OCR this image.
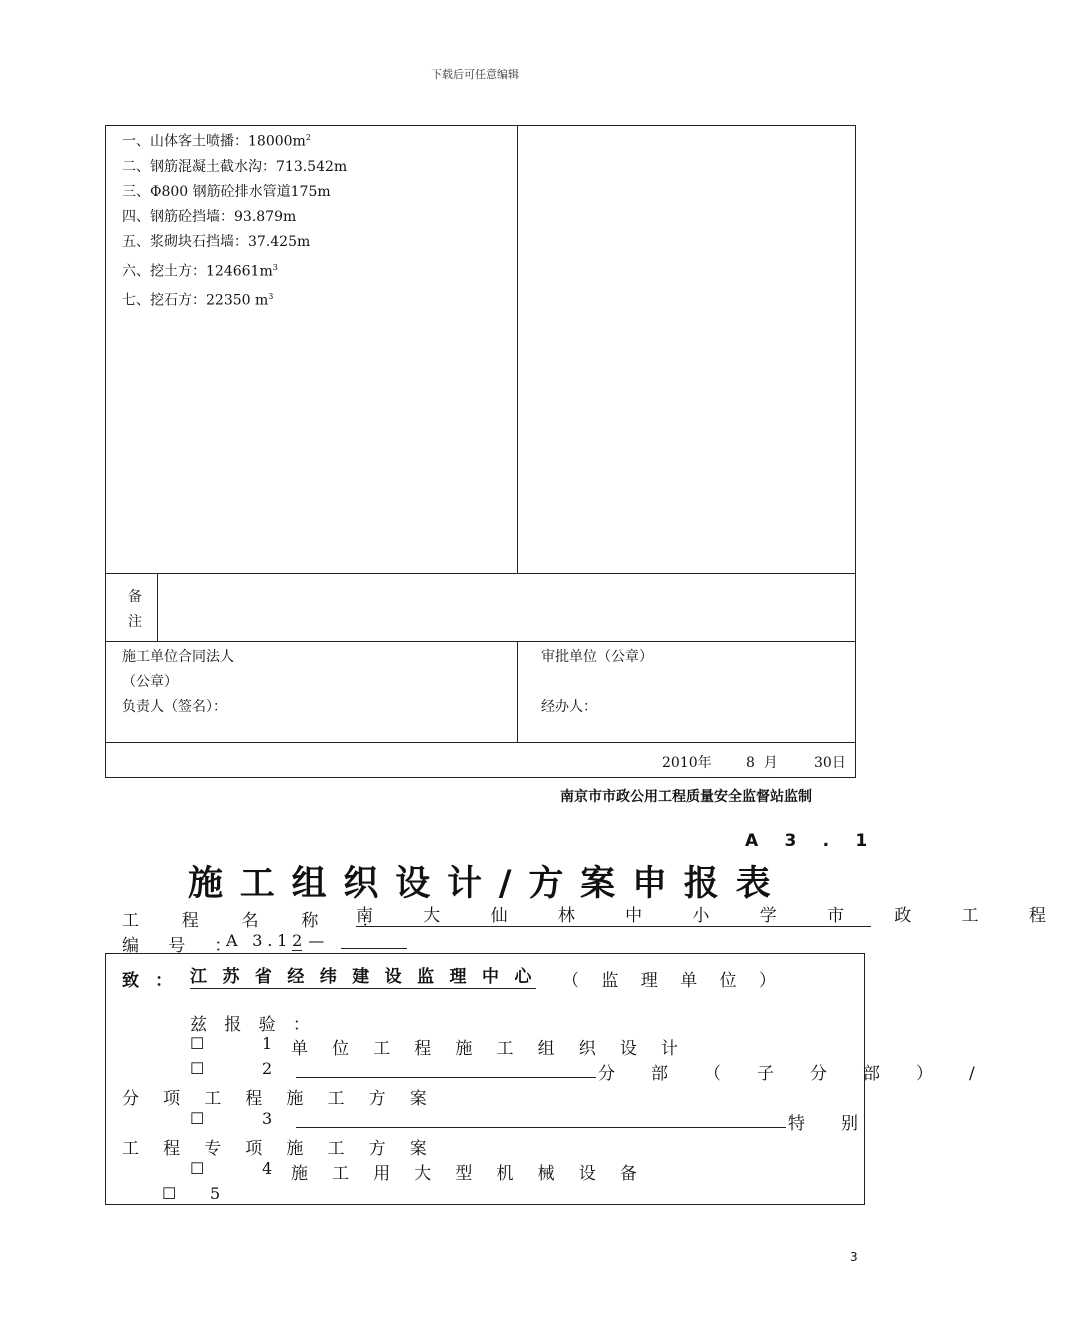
下载后可任意编辑
一、山体客土喷播：$18000m^2$
二、钢筋混凝土截水沟：713.542m
三、Φ800 钢筋砼排水管道175m
四、钢筋砼挡墙：93.879m
五、浆砌块石挡墙：37.425m
六、挖土方：$124661m^3$
七、挖石方：22350 $m^3$
备
注
施工单位合同法人
（公章）
负责人（签名）：
审批单位（公章）

经办人：
2010年 8  月	30日
南京市市政公用工程质量安全监督站监制
A 3 . 1
施工组织设计/方案申报表
工 程 名 称 ：
南 大 仙 林 中 小 学 市 政 工 程
编 号 ：
A 3.12 —
致 ： 江 苏 省 经 纬 建 设 监 理 中 心 （ 监 理 单 位 ）
兹 报 验 ：
☐	1 单 位 工 程 施 工 组 织 设 计
☐	2	分 部 （ 子 分 部 ） /
分 项 工 程 施 工 方 案
☐	3	特 别
工 程 专 项 施 工 方 案
☐	4 施 工 用 大 型 机 械 设 备
☐ 5
3
